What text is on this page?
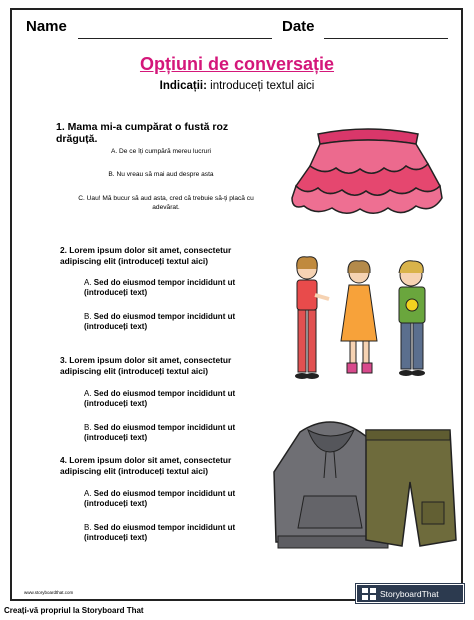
Name	Date
Opțiuni de conversație
Indicații: introduceți textul aici
1. Mama mi-a cumpărat o fustă roz drăguță.
A. De ce îți cumpără mereu lucruri
B. Nu vreau să mai aud despre asta
C. Uau! Mă bucur să aud asta, cred că trebuie să-ți placă cu adevărat.
2. Lorem ipsum dolor sit amet, consectetur adipiscing elit (introduceți textul aici)
A. Sed do eiusmod tempor incididunt ut (introduceți text)
B. Sed do eiusmod tempor incididunt ut (introduceți text)
3. Lorem ipsum dolor sit amet, consectetur adipiscing elit (introduceți textul aici)
A. Sed do eiusmod tempor incididunt ut (introduceți text)
B. Sed do eiusmod tempor incididunt ut (introduceți text)
4. Lorem ipsum dolor sit amet, consectetur adipiscing elit (introduceți textul aici)
A. Sed do eiusmod tempor incididunt ut (introduceți text)
B. Sed do eiusmod tempor incididunt ut (introduceți text)
www.storyboardthat.com	StoryboardThat
Creați-vă propriul la Storyboard That
